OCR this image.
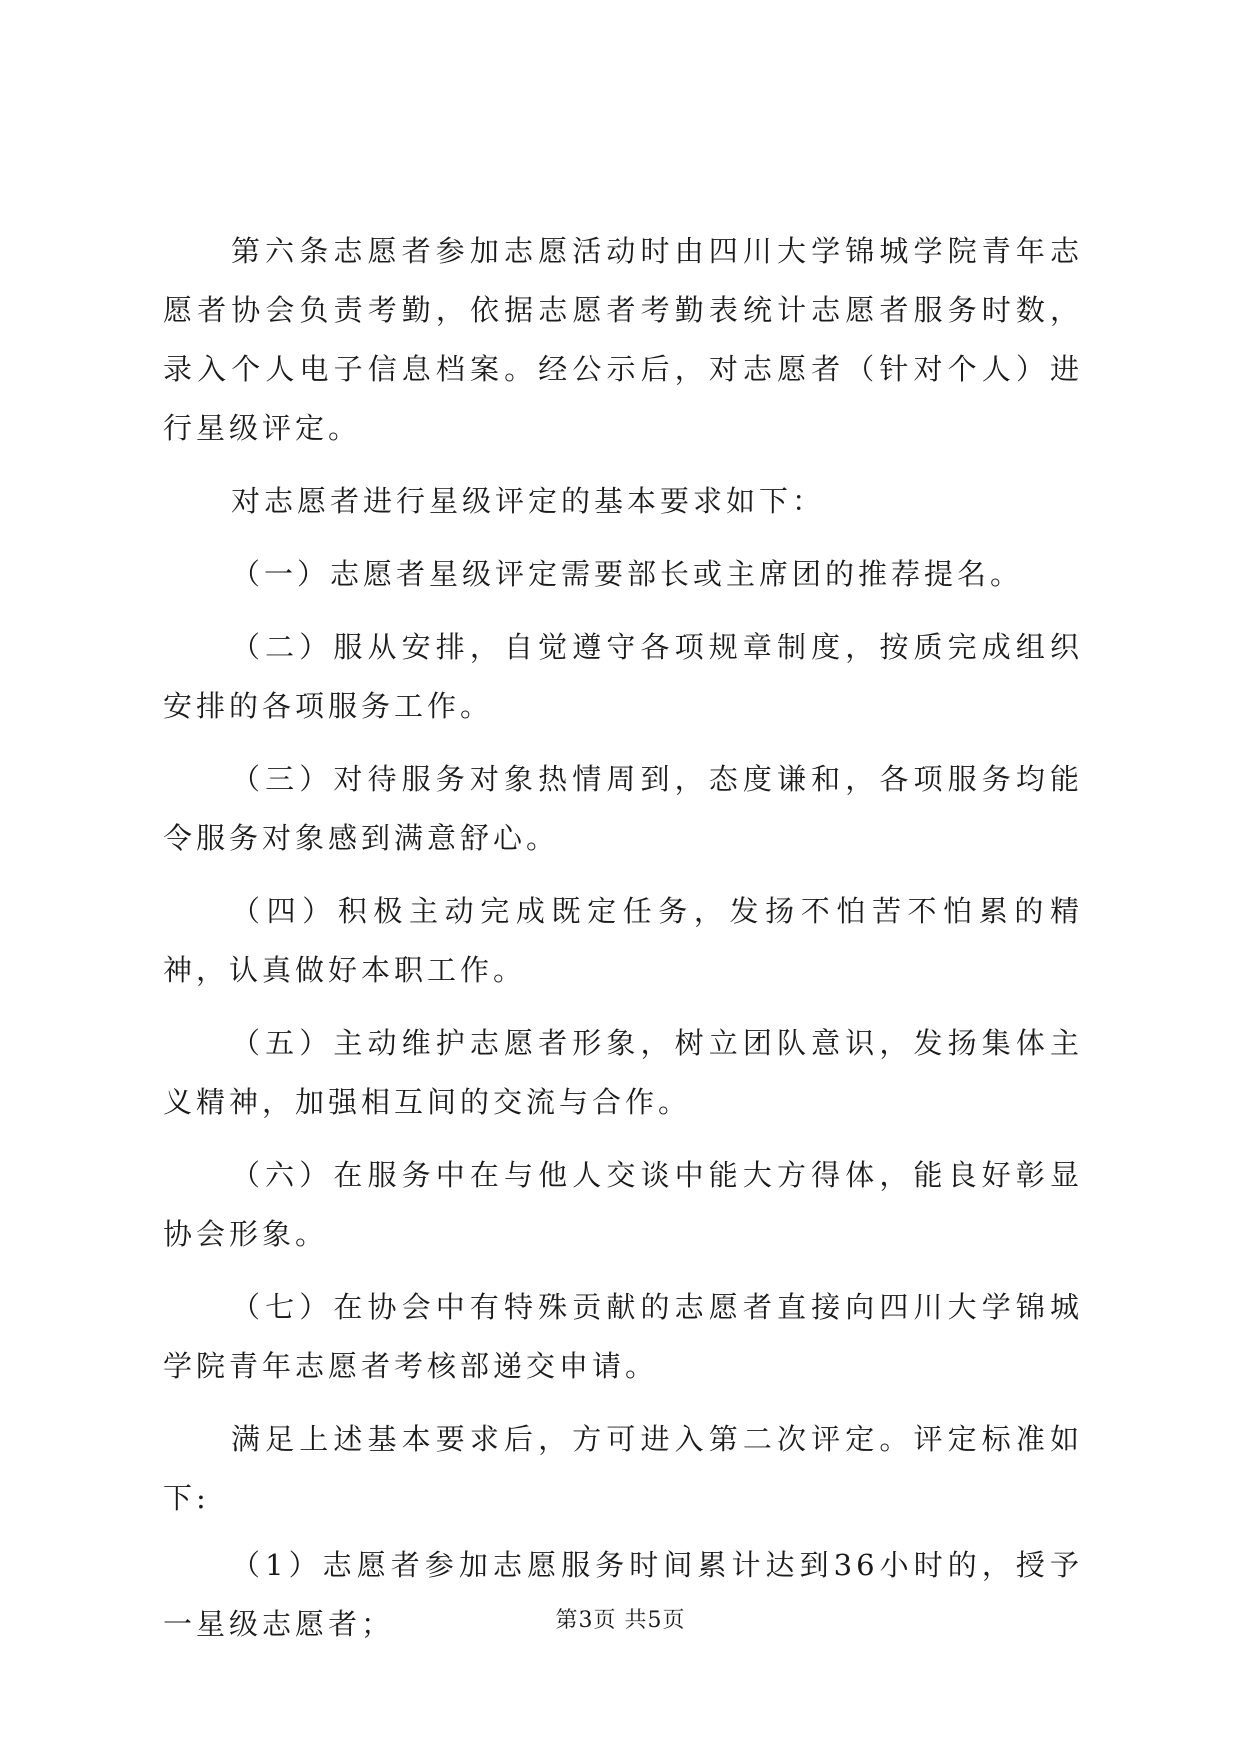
第六条志愿者参加志愿活动时由四川大学锦城学院青年志愿者协会负责考勤，依据志愿者考勤表统计志愿者服务时数，录入个人电子信息档案。经公示后，对志愿者（针对个人）进行星级评定。

对志愿者进行星级评定的基本要求如下：

（一）志愿者星级评定需要部长或主席团的推荐提名。

（二）服从安排，自觉遵守各项规章制度，按质完成组织安排的各项服务工作。

（三）对待服务对象热情周到，态度谦和，各项服务均能令服务对象感到满意舒心。

（四）积极主动完成既定任务，发扬不怕苦不怕累的精神，认真做好本职工作。

（五）主动维护志愿者形象，树立团队意识，发扬集体主义精神，加强相互间的交流与合作。

（六）在服务中在与他人交谈中能大方得体，能良好彰显协会形象。

（七）在协会中有特殊贡献的志愿者直接向四川大学锦城学院青年志愿者考核部递交申请。

满足上述基本要求后，方可进入第二次评定。评定标准如下:

（1）志愿者参加志愿服务时间累计达到36小时的，授予一星级志愿者；	第3页 共5页
